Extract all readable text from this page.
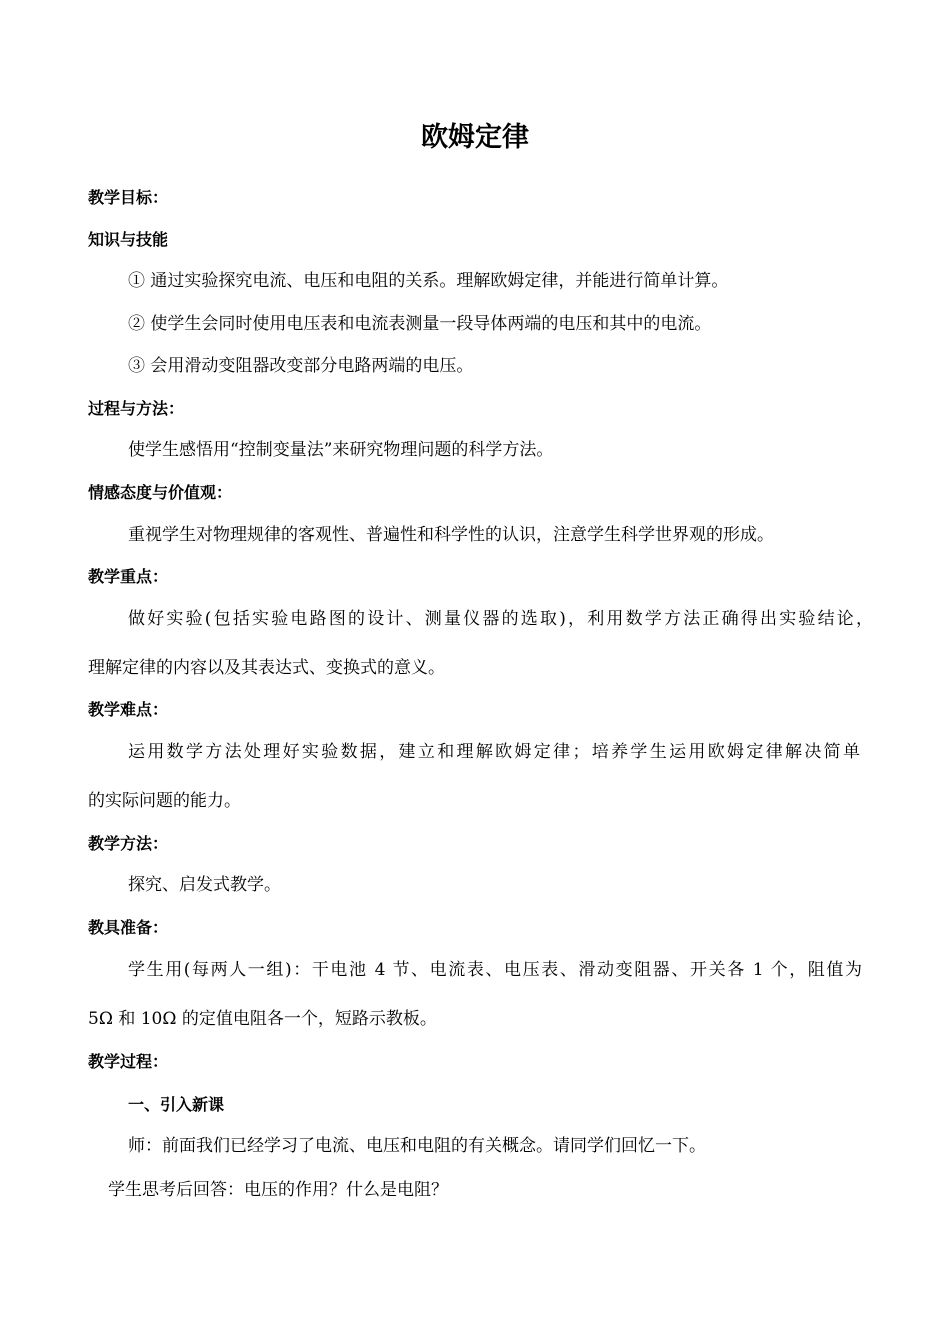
欧姆定律
教学目标：
知识与技能
① 通过实验探究电流、电压和电阻的关系。理解欧姆定律，并能进行简单计算。
② 使学生会同时使用电压表和电流表测量一段导体两端的电压和其中的电流。
③ 会用滑动变阻器改变部分电路两端的电压。
过程与方法：
使学生感悟用“控制变量法”来研究物理问题的科学方法。
情感态度与价值观：
重视学生对物理规律的客观性、普遍性和科学性的认识，注意学生科学世界观的形成。
教学重点：
做好实验(包括实验电路图的设计、测量仪器的选取)，利用数学方法正确得出实验结论，
理解定律的内容以及其表达式、变换式的意义。
教学难点：
运用数学方法处理好实验数据，建立和理解欧姆定律；培养学生运用欧姆定律解决简单
的实际问题的能力。
教学方法：
探究、启发式教学。
教具准备：
学生用(每两人一组)：干电池 4 节、电流表、电压表、滑动变阻器、开关各 1 个，阻值为
5Ω 和 10Ω 的定值电阻各一个，短路示教板。
教学过程：
一、引入新课
师：前面我们已经学习了电流、电压和电阻的有关概念。请同学们回忆一下。
学生思考后回答：电压的作用？什么是电阻？
